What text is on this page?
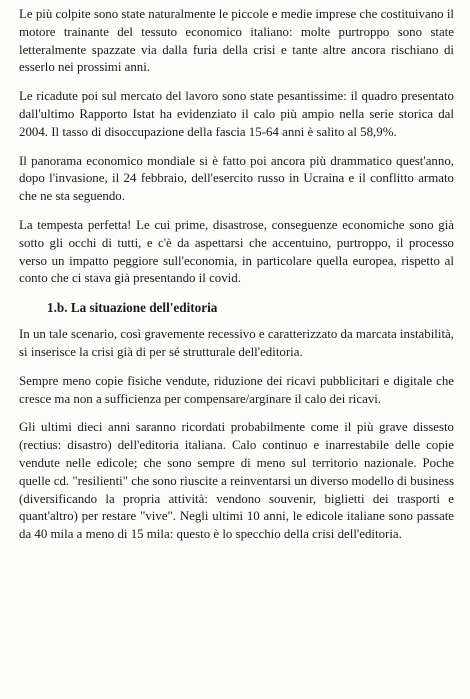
Le più colpite sono state naturalmente le piccole e medie imprese che costituivano il motore trainante del tessuto economico italiano: molte purtroppo sono state letteralmente spazzate via dalla furia della crisi e tante altre ancora rischiano di esserlo nei prossimi anni.

Le ricadute poi sul mercato del lavoro sono state pesantissime: il quadro presentato dall'ultimo Rapporto Istat ha evidenziato il calo più ampio nella serie storica dal 2004. Il tasso di disoccupazione della fascia 15-64 anni è salito al 58,9%.

Il panorama economico mondiale si è fatto poi ancora più drammatico quest'anno, dopo l'invasione, il 24 febbraio, dell'esercito russo in Ucraina e il conflitto armato che ne sta seguendo.

La tempesta perfetta! Le cui prime, disastrose, conseguenze economiche sono già sotto gli occhi di tutti, e c'è da aspettarsi che accentuino, purtroppo, il processo verso un impatto peggiore sull'economia, in particolare quella europea, rispetto al conto che ci stava già presentando il covid.

1.b. La situazione dell'editoria

In un tale scenario, così gravemente recessivo e caratterizzato da marcata instabilità, si inserisce la crisi già di per sé strutturale dell'editoria.

Sempre meno copie fisiche vendute, riduzione dei ricavi pubblicitari e digitale che cresce ma non a sufficienza per compensare/arginare il calo dei ricavi.

Gli ultimi dieci anni saranno ricordati probabilmente come il più grave dissesto (rectius: disastro) dell'editoria italiana. Calo continuo e inarrestabile delle copie vendute nelle edicole; che sono sempre di meno sul territorio nazionale. Poche quelle cd. "resilienti" che sono riuscite a reinventarsi un diverso modello di business (diversificando la propria attività: vendono souvenir, biglietti dei trasporti e quant'altro) per restare "vive". Negli ultimi 10 anni, le edicole italiane sono passate da 40 mila a meno di 15 mila: questo è lo specchio della crisi dell'editoria.
